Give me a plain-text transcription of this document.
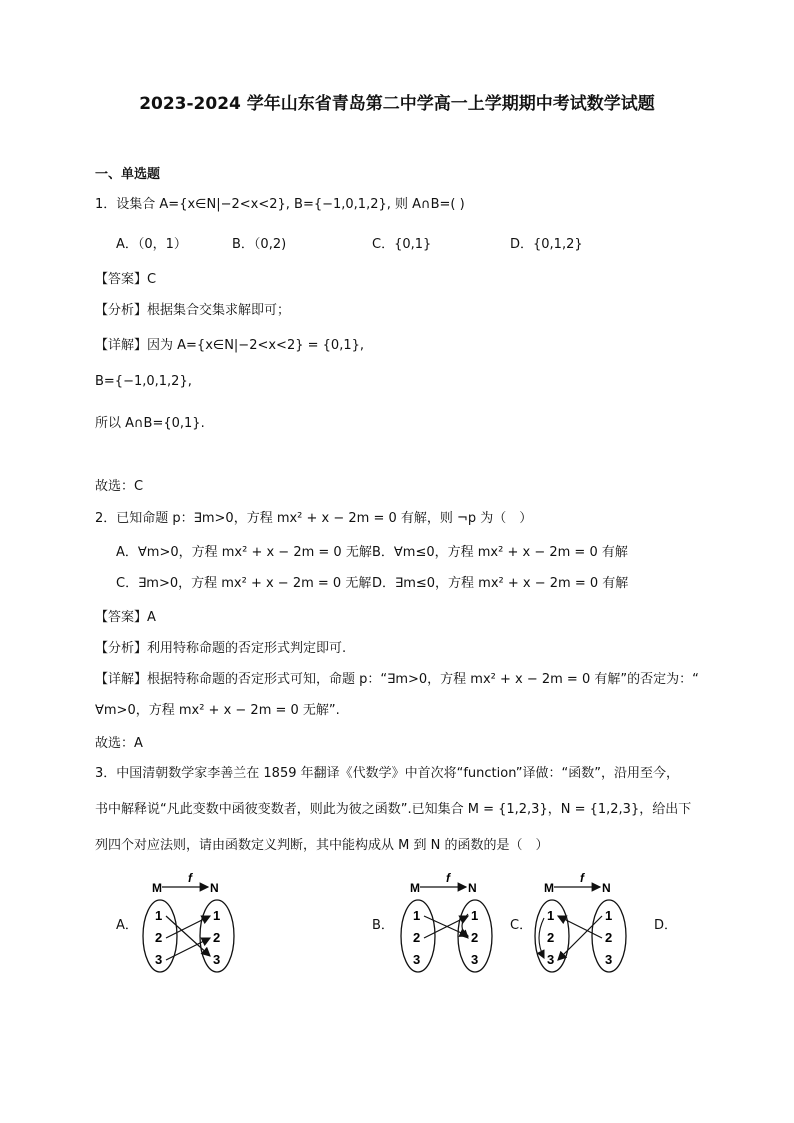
2023-2024 学年山东省青岛第二中学高一上学期期中考试数学试题
一、单选题
1．设集合 A={x∈N|−2<x<2}, B={−1,0,1,2}, 则 A∩B=( )
A．（0，1）	B．（0,2)	C．{0,1}	D．{0,1,2}
【答案】C
【分析】根据集合交集求解即可；
【详解】因为 A={x∈N|−2<x<2} = {0,1},
B={−1,0,1,2},
所以 A∩B={0,1}.
故选：C
2．已知命题 p：∃m>0，方程 mx² + x − 2m = 0 有解，则 ¬p 为（　）
A．∀m>0，方程 mx² + x − 2m = 0 无解 B．∀m≤0，方程 mx² + x − 2m = 0 有解
C．∃m>0，方程 mx² + x − 2m = 0 无解 D．∃m≤0，方程 mx² + x − 2m = 0 有解
【答案】A
【分析】利用特称命题的否定形式判定即可.
【详解】根据特称命题的否定形式可知，命题 p：“∃m>0，方程 mx² + x − 2m = 0 有解”的否定为：“
∀m>0，方程 mx² + x − 2m = 0 无解”.
故选：A
3．中国清朝数学家李善兰在 1859 年翻译《代数学》中首次将“function”译做：“函数”，沿用至今，
书中解释说“凡此变数中函彼变数者，则此为彼之函数”.已知集合 M = {1,2,3}，N = {1,2,3}，给出下
列四个对应法则，请由函数定义判断，其中能构成从 M 到 N 的函数的是（　）
A．	B．	C．	D．
M	N
f
1
2
3
1
2
3
M	N
f
1
2
3
1
2
3
M	N
f
1
2
3
1
2
3
